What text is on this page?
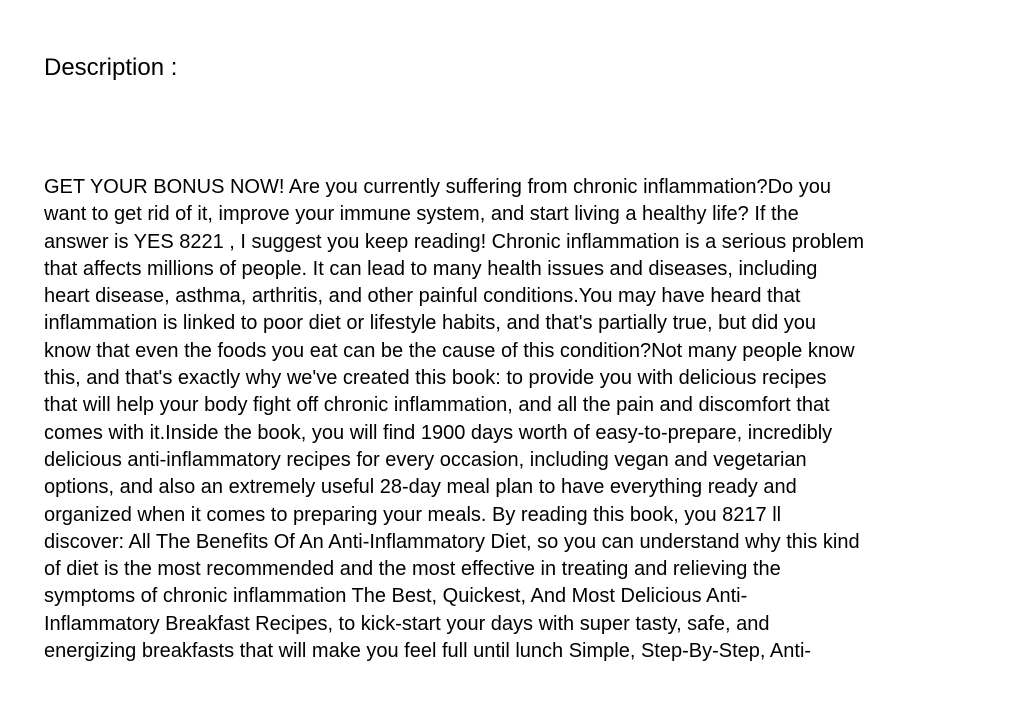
Description :
GET YOUR BONUS NOW! Are you currently suffering from chronic inflammation?Do you
want to get rid of it, improve your immune system, and start living a healthy life? If the
answer is YES 8221 , I suggest you keep reading! Chronic inflammation is a serious problem
that affects millions of people. It can lead to many health issues and diseases, including
heart disease, asthma, arthritis, and other painful conditions.You may have heard that
inflammation is linked to poor diet or lifestyle habits, and that's partially true, but did you
know that even the foods you eat can be the cause of this condition?Not many people know
this, and that's exactly why we've created this book: to provide you with delicious recipes
that will help your body fight off chronic inflammation, and all the pain and discomfort that
comes with it.Inside the book, you will find 1900 days worth of easy-to-prepare, incredibly
delicious anti-inflammatory recipes for every occasion, including vegan and vegetarian
options, and also an extremely useful 28-day meal plan to have everything ready and
organized when it comes to preparing your meals. By reading this book, you 8217 ll
discover: All The Benefits Of An Anti-Inflammatory Diet, so you can understand why this kind
of diet is the most recommended and the most effective in treating and relieving the
symptoms of chronic inflammation The Best, Quickest, And Most Delicious Anti-
Inflammatory Breakfast Recipes, to kick-start your days with super tasty, safe, and
energizing breakfasts that will make you feel full until lunch Simple, Step-By-Step, Anti-
